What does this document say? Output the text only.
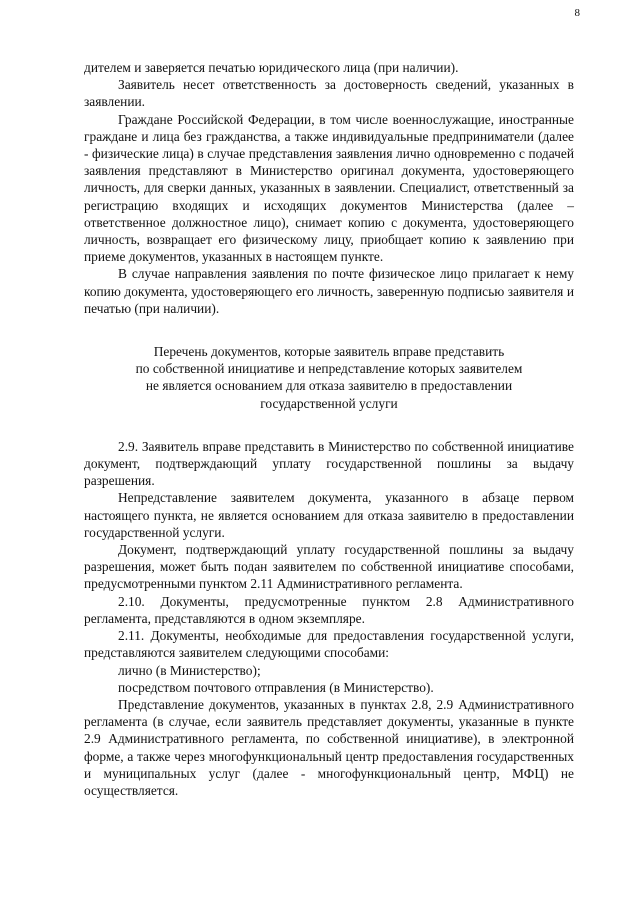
8

дителем и заверяется печатью юридического лица (при наличии).

Заявитель несет ответственность за достоверность сведений, указанных в заявлении.

Граждане Российской Федерации, в том числе военнослужащие, иностранные граждане и лица без гражданства, а также индивидуальные предприниматели (далее - физические лица) в случае представления заявления лично одновременно с подачей заявления представляют в Министерство оригинал документа, удостоверяющего личность, для сверки данных, указанных в заявлении. Специалист, ответственный за регистрацию входящих и исходящих документов Министерства (далее – ответственное должностное лицо), снимает копию с документа, удостоверяющего личность, возвращает его физическому лицу, приобщает копию к заявлению при приеме документов, указанных в настоящем пункте.

В случае направления заявления по почте физическое лицо прилагает к нему копию документа, удостоверяющего его личность, заверенную подписью заявителя и печатью (при наличии).

Перечень документов, которые заявитель вправе представить
по собственной инициативе и непредставление которых заявителем
не является основанием для отказа заявителю в предоставлении
государственной услуги

2.9. Заявитель вправе представить в Министерство по собственной инициативе документ, подтверждающий уплату государственной пошлины за выдачу разрешения.

Непредставление заявителем документа, указанного в абзаце первом настоящего пункта, не является основанием для отказа заявителю в предоставлении государственной услуги.

Документ, подтверждающий уплату государственной пошлины за выдачу разрешения, может быть подан заявителем по собственной инициативе способами, предусмотренными пунктом 2.11 Административного регламента.

2.10. Документы, предусмотренные пунктом 2.8 Административного регламента, представляются в одном экземпляре.

2.11. Документы, необходимые для предоставления государственной услуги, представляются заявителем следующими способами:

лично (в Министерство);

посредством почтового отправления (в Министерство).

Представление документов, указанных в пунктах 2.8, 2.9 Административного регламента (в случае, если заявитель представляет документы, указанные в пункте 2.9 Административного регламента, по собственной инициативе), в электронной форме, а также через многофункциональный центр предоставления государственных и муниципальных услуг (далее - многофункциональный центр, МФЦ) не осуществляется.
